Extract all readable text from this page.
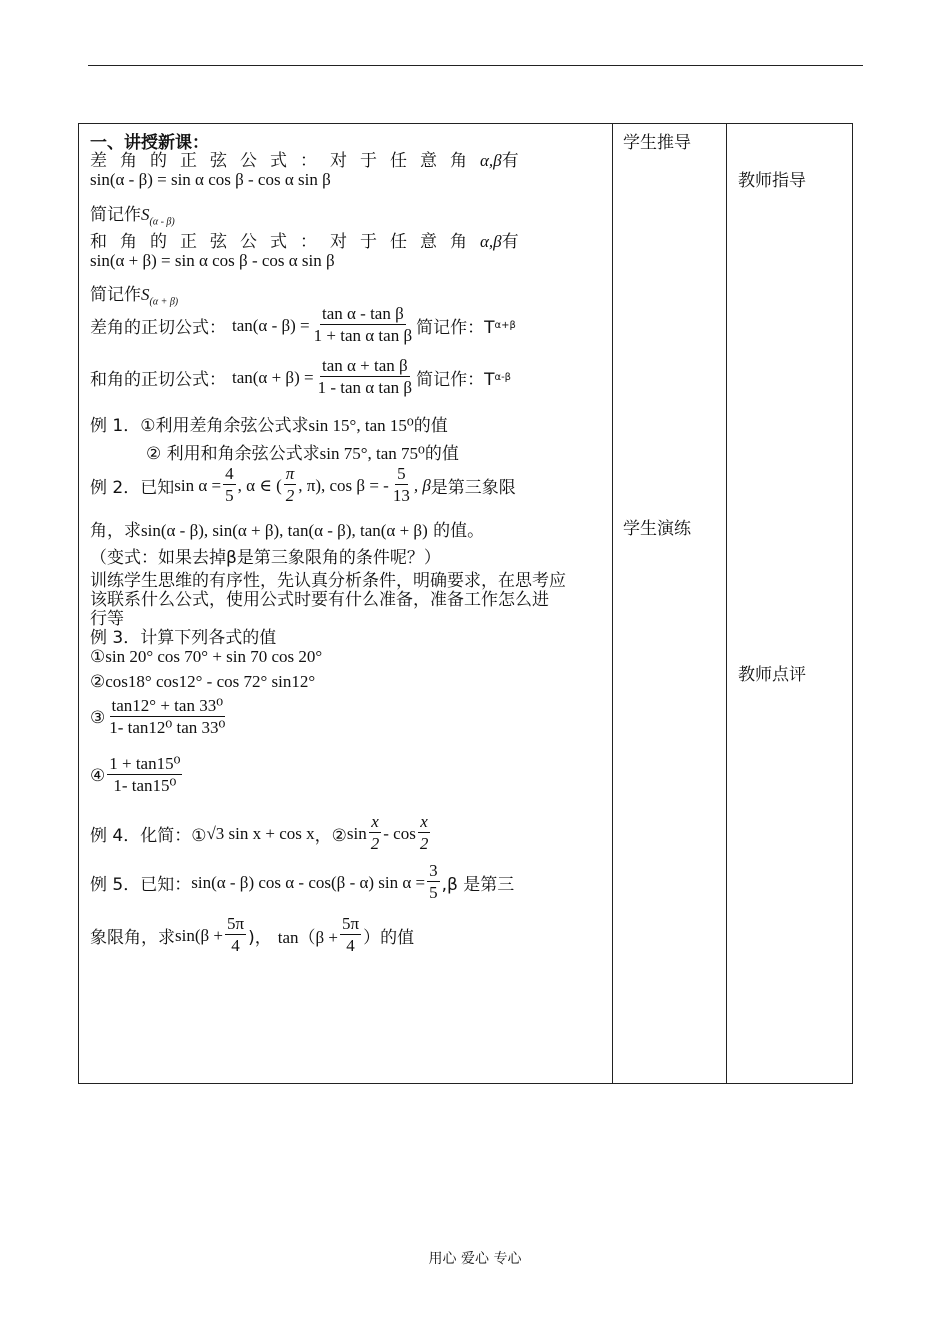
一、讲授新课：
差角的正弦公式：对于任意角α,β有
sin(α - β) = sin α cos β - cos α sin β
简记作$S_{(\alpha - \beta)}$
和角的正弦公式：对于任意角α,β有
sin(α + β) = sin α cos β - cos α sin β
简记作$S_{(\alpha + \beta)}$
差角的正切公式： $\tan(\alpha - \beta) = \frac{\text{tan α - tan β}}{\text{1 + tan α tan β}}$ 简记作：T α+β
和角的正切公式： $\tan(\alpha + \beta) = \frac{\text{tan α + tan β}}{\text{1 - tan α tan β}}$ 简记作：T α-β
例 1．①利用差角余弦公式求sin 15°, tan 15⁰的值
② 利用和角余弦公式求sin 75°, tan 75⁰的值
例 2．已知 $\sin \alpha = \frac{4}{5}$ , α ∈ ( $\frac{\pi}{2}$ , π), cos β = - $\frac{5}{13}$ , β 是第三象限
角，求sin(α - β), sin(α + β), tan(α - β), tan(α + β) 的值。
（变式：如果去掉β是第三象限角的条件呢？）
训练学生思维的有序性，先认真分析条件，明确要求，在思考应
该联系什么公式，使用公式时要有什么准备，准备工作怎么进
行等
例 3．计算下列各式的值
①sin 20° cos 70° + sin 70 cos 20°
②cos18° cos12° - cos 72° sin12°
③ $\frac{\text{tan12° + tan 33⁰}}{\text{1- tan12⁰ tan 33⁰}}$
④ $\frac{\text{1 + tan15⁰}}{\text{1- tan15⁰}}$
例 4．化简：① √3 sin x + cos x ，② $\sin \frac{x}{2}$ - $\cos \frac{x}{2}$
例 5．已知： sin(α - β) cos α - cos(β - α) $\sin \alpha = \frac{3}{5} ,\beta$ 是第三
象限角，求 $\sin(\beta + \frac{5\pi}{4}$ )， $\tan(\beta + \frac{5\pi}{4}$ ）的值
学生推导
学生演练
教师指导
教师点评
用心 爱心 专心
